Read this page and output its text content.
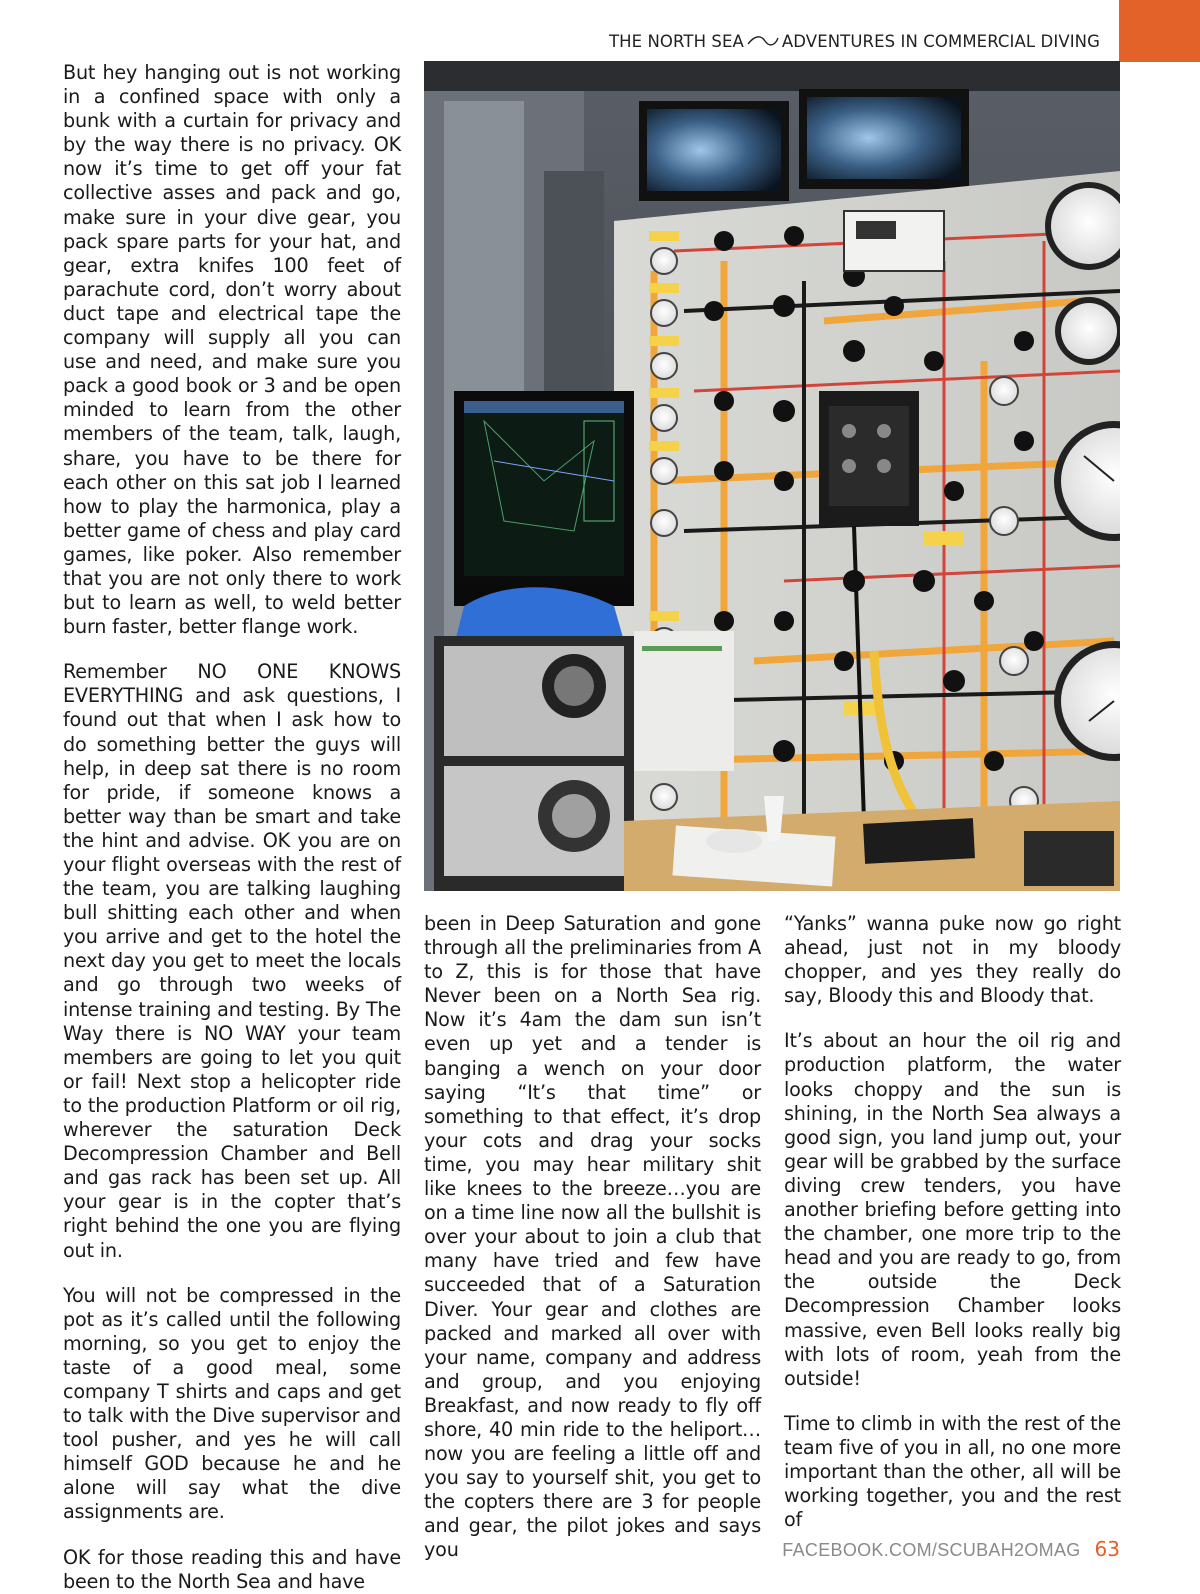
THE NORTH SEA ADVENTURES IN COMMERCIAL DIVING

But hey hanging out is not working in a confined space with only a bunk with a curtain for privacy and by the way there is no privacy. OK now it’s time to get off your fat collective asses and pack and go, make sure in your dive gear, you pack spare parts for your hat, and gear, extra knifes 100 feet of parachute cord, don’t worry about duct tape and electrical tape the company will supply all you can use and need, and make sure you pack a good book or 3 and be open minded to learn from the other members of the team, talk, laugh, share, you have to be there for each other on this sat job I learned how to play the harmonica, play a better game of chess and play card games, like poker. Also remember that you are not only there to work but to learn as well, to weld better burn faster, better flange work.

Remember NO ONE KNOWS EVERYTHING and ask questions, I found out that when I ask how to do something better the guys will help, in deep sat there is no room for pride, if someone knows a better way than be smart and take the hint and advise. OK you are on your flight overseas with the rest of the team, you are talking laughing bull shitting each other and when you arrive and get to the hotel the next day you get to meet the locals and go through two weeks of intense training and testing. By The Way there is NO WAY your team members are going to let you quit or fail! Next stop a helicopter ride to the production Platform or oil rig, wherever the saturation Deck Decompression Chamber and Bell and gas rack has been set up. All your gear is in the copter that’s right behind the one you are flying out in.

You will not be compressed in the pot as it’s called until the following morning, so you get to enjoy the taste of a good meal, some company T shirts and caps and get to talk with the Dive supervisor and tool pusher, and yes he will call himself GOD because he and he alone will say what the dive assignments are.

OK for those reading this and have been to the North Sea and have

been in Deep Saturation and gone through all the preliminaries from A to Z, this is for those that have Never been on a North Sea rig. Now it’s 4am the dam sun isn’t even up yet and a tender is banging a wench on your door saying “It’s that time” or something to that effect, it’s drop your cots and drag your socks time, you may hear military shit like knees to the breeze…you are on a time line now all the bullshit is over your about to join a club that many have tried and few have succeeded that of a Saturation Diver. Your gear and clothes are packed and marked all over with your name, company and address and group, and you enjoying Breakfast, and now ready to fly off shore, 40 min ride to the heliport… now you are feeling a little off and you say to yourself shit, you get to the copters there are 3 for people and gear, the pilot jokes and says you

“Yanks” wanna puke now go right ahead, just not in my bloody chopper, and yes they really do say, Bloody this and Bloody that.

It’s about an hour the oil rig and production platform, the water looks choppy and the sun is shining, in the North Sea always a good sign, you land jump out, your gear will be grabbed by the surface diving crew tenders, you have another briefing before getting into the chamber, one more trip to the head and you are ready to go, from the outside the Deck Decompression Chamber looks massive, even Bell looks really big with lots of room, yeah from the outside!

Time to climb in with the rest of the team five of you in all, no one more important than the other, all will be working together, you and the rest of

FACEBOOK.COM/SCUBAH2OMAG 63
